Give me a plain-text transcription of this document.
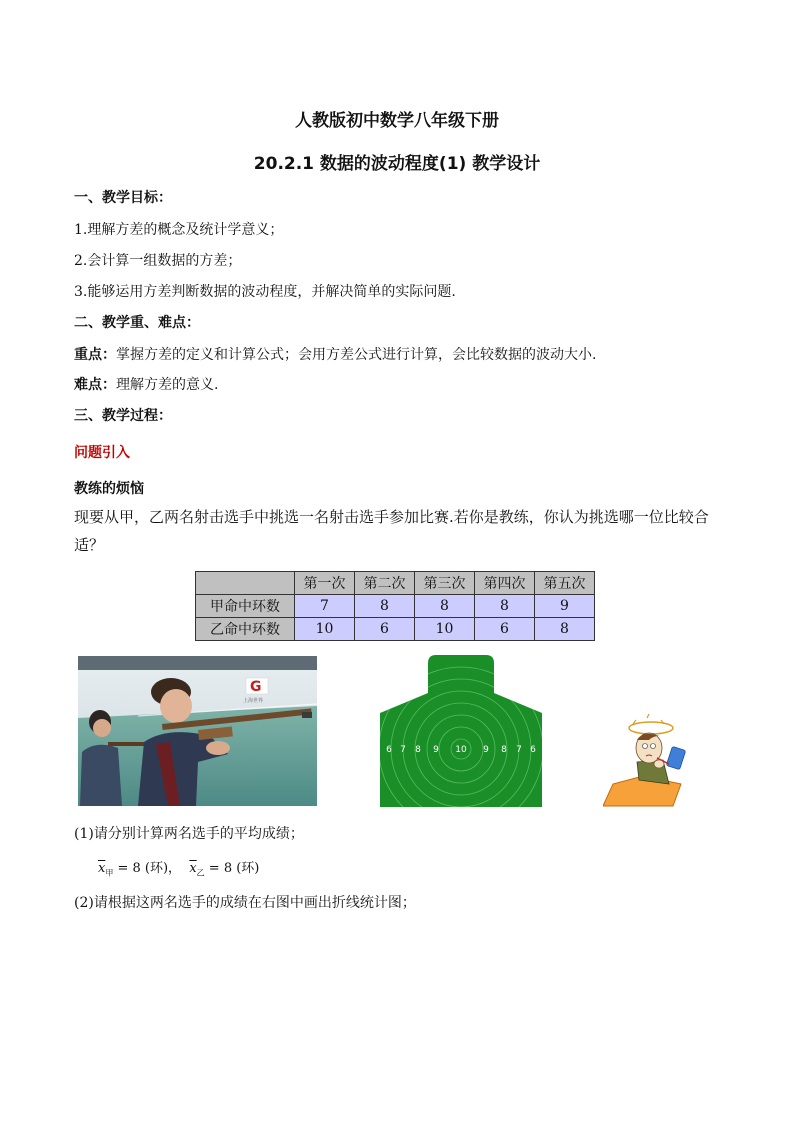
人教版初中数学八年级下册
20.2.1 数据的波动程度(1) 教学设计
一、教学目标：
1.理解方差的概念及统计学意义；
2.会计算一组数据的方差；
3.能够运用方差判断数据的波动程度，并解决简单的实际问题.
二、教学重、难点：
重点：掌握方差的定义和计算公式；会用方差公式进行计算，会比较数据的波动大小.
难点：理解方差的意义.
三、教学过程：
问题引入
教练的烦恼
现要从甲，乙两名射击选手中挑选一名射击选手参加比赛.若你是教练，你认为挑选哪一位比较合适？
	第一次	第二次	第三次	第四次	第五次
甲命中环数	7	8	8	8	9
乙命中环数	10	6	10	6	8
G
上海世界
6 7 8 9 10 9 8 7 6
(1)请分别计算两名选手的平均成绩；
$\overline{x}_甲 = 8$ (环)， $\overline{x}_乙 = 8$ (环)
(2)请根据这两名选手的成绩在右图中画出折线统计图；
